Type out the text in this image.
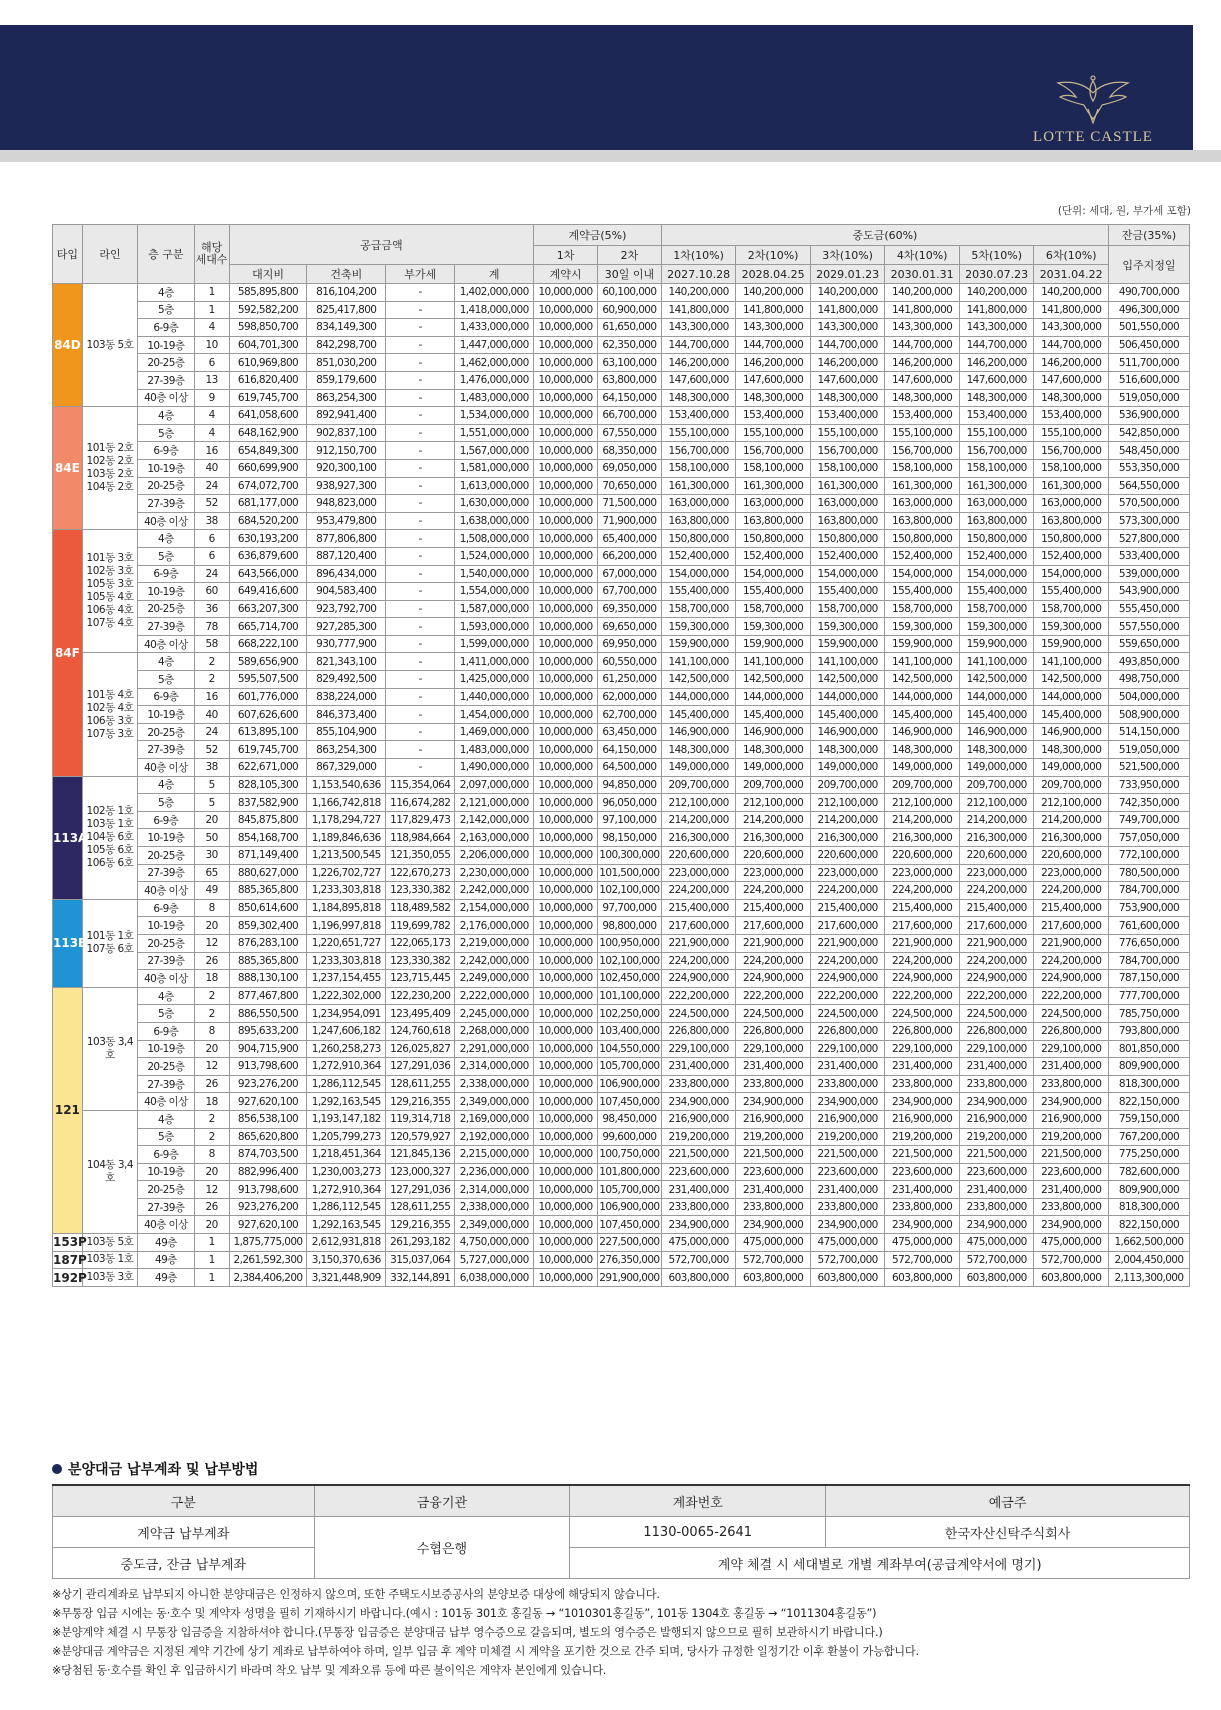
LOTTE CASTLE
(단위: 세대, 원, 부가세 포함)
타입	라인	층 구분	해당 세대수	공급금액				계약금(5%)		중도금(60%)						잔금(35%)
								1차	2차	1차(10%)	2차(10%)	3차(10%)	4차(10%)	5차(10%)	6차(10%)	입주지정일
				대지비	건축비	부가세	계	계약시	30일 이내	2027.10.28	2028.04.25	2029.01.23	2030.01.31	2030.07.23	2031.04.22	
84D	103동 5호	4층	1	585,895,800	816,104,200	-	1,402,000,000	10,000,000	60,100,000	140,200,000	140,200,000	140,200,000	140,200,000	140,200,000	140,200,000	490,700,000
		5층	1	592,582,200	825,417,800	-	1,418,000,000	10,000,000	60,900,000	141,800,000	141,800,000	141,800,000	141,800,000	141,800,000	141,800,000	496,300,000
		6-9층	4	598,850,700	834,149,300	-	1,433,000,000	10,000,000	61,650,000	143,300,000	143,300,000	143,300,000	143,300,000	143,300,000	143,300,000	501,550,000
		10-19층	10	604,701,300	842,298,700	-	1,447,000,000	10,000,000	62,350,000	144,700,000	144,700,000	144,700,000	144,700,000	144,700,000	144,700,000	506,450,000
		20-25층	6	610,969,800	851,030,200	-	1,462,000,000	10,000,000	63,100,000	146,200,000	146,200,000	146,200,000	146,200,000	146,200,000	146,200,000	511,700,000
		27-39층	13	616,820,400	859,179,600	-	1,476,000,000	10,000,000	63,800,000	147,600,000	147,600,000	147,600,000	147,600,000	147,600,000	147,600,000	516,600,000
		40층 이상	9	619,745,700	863,254,300	-	1,483,000,000	10,000,000	64,150,000	148,300,000	148,300,000	148,300,000	148,300,000	148,300,000	148,300,000	519,050,000
84E	101동 2호 102동 2호 103동 2호 104동 2호	4층	4	641,058,600	892,941,400	-	1,534,000,000	10,000,000	66,700,000	153,400,000	153,400,000	153,400,000	153,400,000	153,400,000	153,400,000	536,900,000
		5층	4	648,162,900	902,837,100	-	1,551,000,000	10,000,000	67,550,000	155,100,000	155,100,000	155,100,000	155,100,000	155,100,000	155,100,000	542,850,000
		6-9층	16	654,849,300	912,150,700	-	1,567,000,000	10,000,000	68,350,000	156,700,000	156,700,000	156,700,000	156,700,000	156,700,000	156,700,000	548,450,000
		10-19층	40	660,699,900	920,300,100	-	1,581,000,000	10,000,000	69,050,000	158,100,000	158,100,000	158,100,000	158,100,000	158,100,000	158,100,000	553,350,000
		20-25층	24	674,072,700	938,927,300	-	1,613,000,000	10,000,000	70,650,000	161,300,000	161,300,000	161,300,000	161,300,000	161,300,000	161,300,000	564,550,000
		27-39층	52	681,177,000	948,823,000	-	1,630,000,000	10,000,000	71,500,000	163,000,000	163,000,000	163,000,000	163,000,000	163,000,000	163,000,000	570,500,000
		40층 이상	38	684,520,200	953,479,800	-	1,638,000,000	10,000,000	71,900,000	163,800,000	163,800,000	163,800,000	163,800,000	163,800,000	163,800,000	573,300,000
84F	101동 3호 102동 3호 105동 3호 105동 4호 106동 4호 107동 4호	4층	6	630,193,200	877,806,800	-	1,508,000,000	10,000,000	65,400,000	150,800,000	150,800,000	150,800,000	150,800,000	150,800,000	150,800,000	527,800,000
		5층	6	636,879,600	887,120,400	-	1,524,000,000	10,000,000	66,200,000	152,400,000	152,400,000	152,400,000	152,400,000	152,400,000	152,400,000	533,400,000
		6-9층	24	643,566,000	896,434,000	-	1,540,000,000	10,000,000	67,000,000	154,000,000	154,000,000	154,000,000	154,000,000	154,000,000	154,000,000	539,000,000
		10-19층	60	649,416,600	904,583,400	-	1,554,000,000	10,000,000	67,700,000	155,400,000	155,400,000	155,400,000	155,400,000	155,400,000	155,400,000	543,900,000
		20-25층	36	663,207,300	923,792,700	-	1,587,000,000	10,000,000	69,350,000	158,700,000	158,700,000	158,700,000	158,700,000	158,700,000	158,700,000	555,450,000
		27-39층	78	665,714,700	927,285,300	-	1,593,000,000	10,000,000	69,650,000	159,300,000	159,300,000	159,300,000	159,300,000	159,300,000	159,300,000	557,550,000
		40층 이상	58	668,222,100	930,777,900	-	1,599,000,000	10,000,000	69,950,000	159,900,000	159,900,000	159,900,000	159,900,000	159,900,000	159,900,000	559,650,000
	101동 4호 102동 4호 106동 3호 107동 3호	4층	2	589,656,900	821,343,100	-	1,411,000,000	10,000,000	60,550,000	141,100,000	141,100,000	141,100,000	141,100,000	141,100,000	141,100,000	493,850,000
		5층	2	595,507,500	829,492,500	-	1,425,000,000	10,000,000	61,250,000	142,500,000	142,500,000	142,500,000	142,500,000	142,500,000	142,500,000	498,750,000
		6-9층	16	601,776,000	838,224,000	-	1,440,000,000	10,000,000	62,000,000	144,000,000	144,000,000	144,000,000	144,000,000	144,000,000	144,000,000	504,000,000
		10-19층	40	607,626,600	846,373,400	-	1,454,000,000	10,000,000	62,700,000	145,400,000	145,400,000	145,400,000	145,400,000	145,400,000	145,400,000	508,900,000
		20-25층	24	613,895,100	855,104,900	-	1,469,000,000	10,000,000	63,450,000	146,900,000	146,900,000	146,900,000	146,900,000	146,900,000	146,900,000	514,150,000
		27-39층	52	619,745,700	863,254,300	-	1,483,000,000	10,000,000	64,150,000	148,300,000	148,300,000	148,300,000	148,300,000	148,300,000	148,300,000	519,050,000
		40층 이상	38	622,671,000	867,329,000	-	1,490,000,000	10,000,000	64,500,000	149,000,000	149,000,000	149,000,000	149,000,000	149,000,000	149,000,000	521,500,000
113A	102동 1호 103동 1호 104동 6호 105동 6호 106동 6호	4층	5	828,105,300	1,153,540,636	115,354,064	2,097,000,000	10,000,000	94,850,000	209,700,000	209,700,000	209,700,000	209,700,000	209,700,000	209,700,000	733,950,000
		5층	5	837,582,900	1,166,742,818	116,674,282	2,121,000,000	10,000,000	96,050,000	212,100,000	212,100,000	212,100,000	212,100,000	212,100,000	212,100,000	742,350,000
		6-9층	20	845,875,800	1,178,294,727	117,829,473	2,142,000,000	10,000,000	97,100,000	214,200,000	214,200,000	214,200,000	214,200,000	214,200,000	214,200,000	749,700,000
		10-19층	50	854,168,700	1,189,846,636	118,984,664	2,163,000,000	10,000,000	98,150,000	216,300,000	216,300,000	216,300,000	216,300,000	216,300,000	216,300,000	757,050,000
		20-25층	30	871,149,400	1,213,500,545	121,350,055	2,206,000,000	10,000,000	100,300,000	220,600,000	220,600,000	220,600,000	220,600,000	220,600,000	220,600,000	772,100,000
		27-39층	65	880,627,000	1,226,702,727	122,670,273	2,230,000,000	10,000,000	101,500,000	223,000,000	223,000,000	223,000,000	223,000,000	223,000,000	223,000,000	780,500,000
		40층 이상	49	885,365,800	1,233,303,818	123,330,382	2,242,000,000	10,000,000	102,100,000	224,200,000	224,200,000	224,200,000	224,200,000	224,200,000	224,200,000	784,700,000
113B	101동 1호 107동 6호	6-9층	8	850,614,600	1,184,895,818	118,489,582	2,154,000,000	10,000,000	97,700,000	215,400,000	215,400,000	215,400,000	215,400,000	215,400,000	215,400,000	753,900,000
		10-19층	20	859,302,400	1,196,997,818	119,699,782	2,176,000,000	10,000,000	98,800,000	217,600,000	217,600,000	217,600,000	217,600,000	217,600,000	217,600,000	761,600,000
		20-25층	12	876,283,100	1,220,651,727	122,065,173	2,219,000,000	10,000,000	100,950,000	221,900,000	221,900,000	221,900,000	221,900,000	221,900,000	221,900,000	776,650,000
		27-39층	26	885,365,800	1,233,303,818	123,330,382	2,242,000,000	10,000,000	102,100,000	224,200,000	224,200,000	224,200,000	224,200,000	224,200,000	224,200,000	784,700,000
		40층 이상	18	888,130,100	1,237,154,455	123,715,445	2,249,000,000	10,000,000	102,450,000	224,900,000	224,900,000	224,900,000	224,900,000	224,900,000	224,900,000	787,150,000
121	103동 3,4호	4층	2	877,467,800	1,222,302,000	122,230,200	2,222,000,000	10,000,000	101,100,000	222,200,000	222,200,000	222,200,000	222,200,000	222,200,000	222,200,000	777,700,000
		5층	2	886,550,500	1,234,954,091	123,495,409	2,245,000,000	10,000,000	102,250,000	224,500,000	224,500,000	224,500,000	224,500,000	224,500,000	224,500,000	785,750,000
		6-9층	8	895,633,200	1,247,606,182	124,760,618	2,268,000,000	10,000,000	103,400,000	226,800,000	226,800,000	226,800,000	226,800,000	226,800,000	226,800,000	793,800,000
		10-19층	20	904,715,900	1,260,258,273	126,025,827	2,291,000,000	10,000,000	104,550,000	229,100,000	229,100,000	229,100,000	229,100,000	229,100,000	229,100,000	801,850,000
		20-25층	12	913,798,600	1,272,910,364	127,291,036	2,314,000,000	10,000,000	105,700,000	231,400,000	231,400,000	231,400,000	231,400,000	231,400,000	231,400,000	809,900,000
		27-39층	26	923,276,200	1,286,112,545	128,611,255	2,338,000,000	10,000,000	106,900,000	233,800,000	233,800,000	233,800,000	233,800,000	233,800,000	233,800,000	818,300,000
		40층 이상	18	927,620,100	1,292,163,545	129,216,355	2,349,000,000	10,000,000	107,450,000	234,900,000	234,900,000	234,900,000	234,900,000	234,900,000	234,900,000	822,150,000
	104동 3,4호	4층	2	856,538,100	1,193,147,182	119,314,718	2,169,000,000	10,000,000	98,450,000	216,900,000	216,900,000	216,900,000	216,900,000	216,900,000	216,900,000	759,150,000
		5층	2	865,620,800	1,205,799,273	120,579,927	2,192,000,000	10,000,000	99,600,000	219,200,000	219,200,000	219,200,000	219,200,000	219,200,000	219,200,000	767,200,000
		6-9층	8	874,703,500	1,218,451,364	121,845,136	2,215,000,000	10,000,000	100,750,000	221,500,000	221,500,000	221,500,000	221,500,000	221,500,000	221,500,000	775,250,000
		10-19층	20	882,996,400	1,230,003,273	123,000,327	2,236,000,000	10,000,000	101,800,000	223,600,000	223,600,000	223,600,000	223,600,000	223,600,000	223,600,000	782,600,000
		20-25층	12	913,798,600	1,272,910,364	127,291,036	2,314,000,000	10,000,000	105,700,000	231,400,000	231,400,000	231,400,000	231,400,000	231,400,000	231,400,000	809,900,000
		27-39층	26	923,276,200	1,286,112,545	128,611,255	2,338,000,000	10,000,000	106,900,000	233,800,000	233,800,000	233,800,000	233,800,000	233,800,000	233,800,000	818,300,000
		40층 이상	20	927,620,100	1,292,163,545	129,216,355	2,349,000,000	10,000,000	107,450,000	234,900,000	234,900,000	234,900,000	234,900,000	234,900,000	234,900,000	822,150,000
153P	103동 5호	49층	1	1,875,775,000	2,612,931,818	261,293,182	4,750,000,000	10,000,000	227,500,000	475,000,000	475,000,000	475,000,000	475,000,000	475,000,000	475,000,000	1,662,500,000
187P	103동 1호	49층	1	2,261,592,300	3,150,370,636	315,037,064	5,727,000,000	10,000,000	276,350,000	572,700,000	572,700,000	572,700,000	572,700,000	572,700,000	572,700,000	2,004,450,000
192P	103동 3호	49층	1	2,384,406,200	3,321,448,909	332,144,891	6,038,000,000	10,000,000	291,900,000	603,800,000	603,800,000	603,800,000	603,800,000	603,800,000	603,800,000	2,113,300,000
분양대금 납부계좌 및 납부방법
구분	금융기관	계좌번호	예금주
계약금 납부계좌	수협은행	1130-0065-2641	한국자산신탁주식회사
중도금, 잔금 납부계좌		계약 체결 시 세대별로 개별 계좌부여(공급계약서에 명기)	
※상기 관리계좌로 납부되지 아니한 분양대금은 인정하지 않으며, 또한 주택도시보증공사의 분양보증 대상에 해당되지 않습니다.
※무통장 입금 시에는 동·호수 및 계약자 성명을 필히 기재하시기 바랍니다.(예시 : 101동 301호 홍길동 → “1010301홍길동”, 101동 1304호 홍길동 → “1011304홍길동”)
※분양계약 체결 시 무통장 입금증을 지참하셔야 합니다.(무통장 입금증은 분양대금 납부 영수증으로 갈음되며, 별도의 영수증은 발행되지 않으므로 필히 보관하시기 바랍니다.)
※분양대금 계약금은 지정된 계약 기간에 상기 계좌로 납부하여야 하며, 일부 입금 후 계약 미체결 시 계약을 포기한 것으로 간주 되며, 당사가 규정한 일정기간 이후 환불이 가능합니다.
※당첨된 동·호수를 확인 후 입금하시기 바라며 착오 납부 및 계좌오류 등에 따른 불이익은 계약자 본인에게 있습니다.
